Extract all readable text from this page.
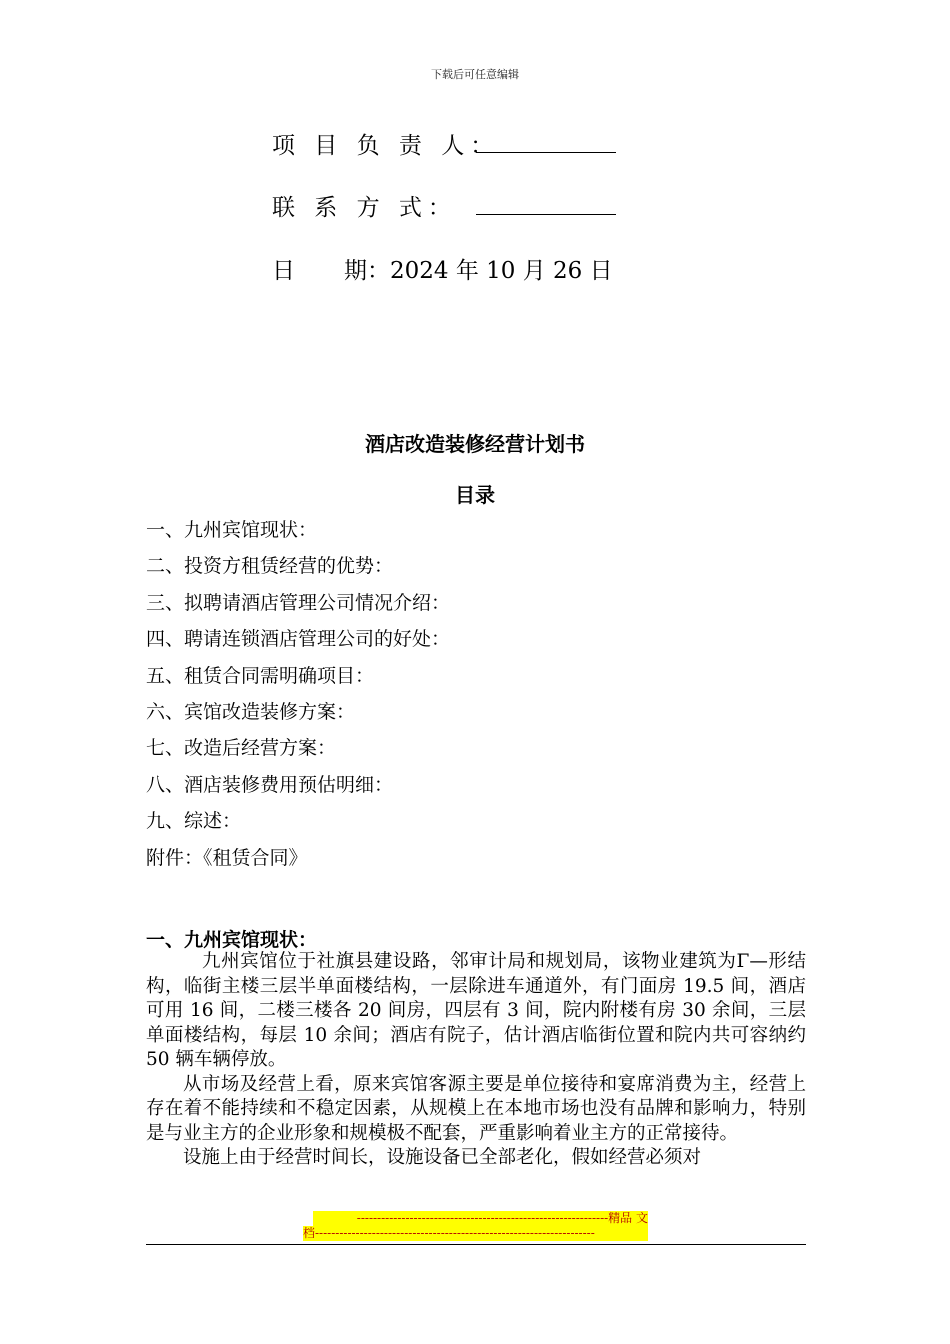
下载后可任意编辑
项 目 负 责 人：
联 系 方 式：
日 期：2024 年 10 月 26 日
酒店改造装修经营计划书
目录
一、九州宾馆现状：
二、投资方租赁经营的优势：
三、拟聘请酒店管理公司情况介绍：
四、聘请连锁酒店管理公司的好处：
五、租赁合同需明确项目：
六、宾馆改造装修方案：
七、改造后经营方案：
八、酒店装修费用预估明细：
九、综述：
附件：《租赁合同》
一、九州宾馆现状：

九州宾馆位于社旗县建设路，邻审计局和规划局，该物业建筑为Γ—形结构，临街主楼三层半单面楼结构，一层除进车通道外，有门面房 19.5 间，酒店可用 16 间，二楼三楼各 20 间房，四层有 3 间，院内附楼有房 30 余间，三层单面楼结构，每层 10 余间；酒店有院子，估计酒店临街位置和院内共可容纳约 50 辆车辆停放。

从市场及经营上看，原来宾馆客源主要是单位接待和宴席消费为主，经营上存在着不能持续和不稳定因素，从规模上在本地市场也没有品牌和影响力，特别是与业主方的企业形象和规模极不配套，严重影响着业主方的正常接待。

设施上由于经营时间长，设施设备已全部老化，假如经营必须对

--------------------------------------------------------------精品 文
档---------------------------------------------------------------------
